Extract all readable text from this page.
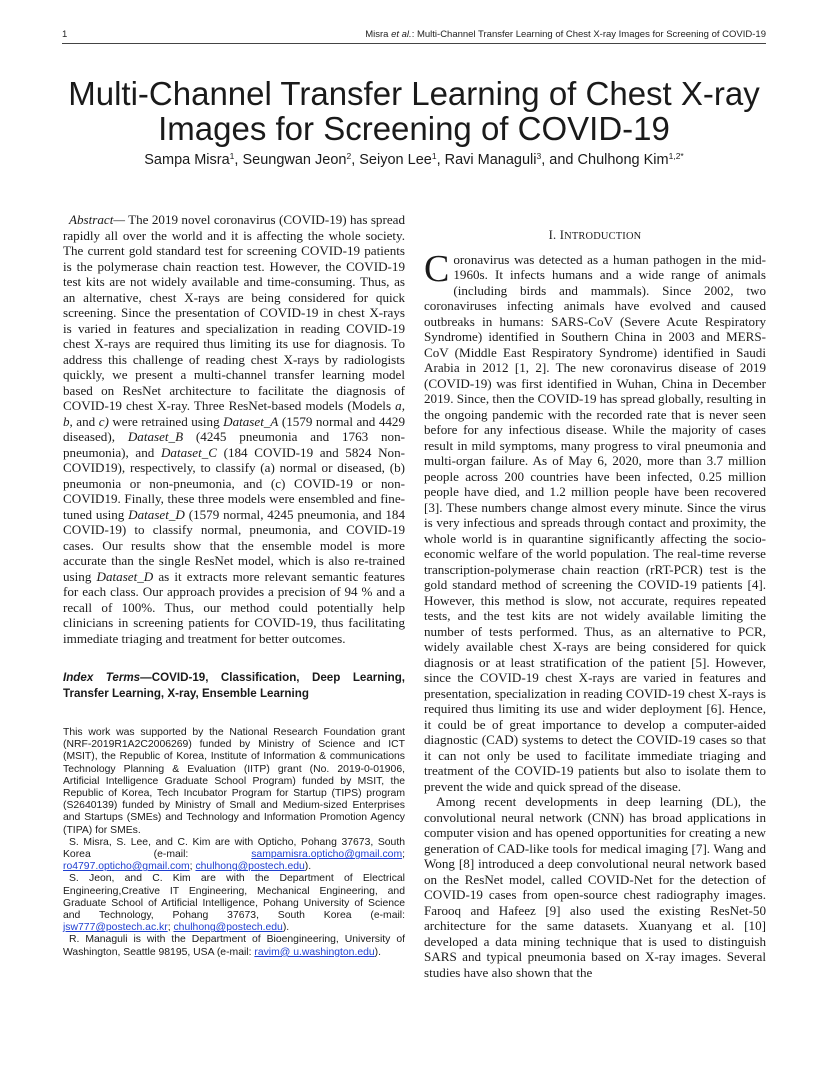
1	Misra et al.: Multi-Channel Transfer Learning of Chest X-ray Images for Screening of COVID-19
Multi-Channel Transfer Learning of Chest X-ray
Images for Screening of COVID-19
Sampa Misra$^1$, Seungwan Jeon$^2$, Seiyon Lee$^1$, Ravi Managuli$^3$, and Chulhong Kim$^{1,2*}$

Abstract— The 2019 novel coronavirus (COVID-19) has spread rapidly all over the world and it is affecting the whole society. The current gold standard test for screening COVID-19 patients is the polymerase chain reaction test. However, the COVID-19 test kits are not widely available and time-consuming. Thus, as an alternative, chest X-rays are being considered for quick screening. Since the presentation of COVID-19 in chest X-rays is varied in features and specialization in reading COVID-19 chest X-rays are required thus limiting its use for diagnosis. To address this challenge of reading chest X-rays by radiologists quickly, we present a multi-channel transfer learning model based on ResNet architecture to facilitate the diagnosis of COVID-19 chest X-ray. Three ResNet-based models (Models a, b, and c) were retrained using Dataset_A (1579 normal and 4429 diseased), Dataset_B (4245 pneumonia and 1763 non-pneumonia), and Dataset_C (184 COVID-19 and 5824 Non-COVID19), respectively, to classify (a) normal or diseased, (b) pneumonia or non-pneumonia, and (c) COVID-19 or non-COVID19. Finally, these three models were ensembled and fine-tuned using Dataset_D (1579 normal, 4245 pneumonia, and 184 COVID-19) to classify normal, pneumonia, and COVID-19 cases. Our results show that the ensemble model is more accurate than the single ResNet model, which is also re-trained using Dataset_D as it extracts more relevant semantic features for each class. Our approach provides a precision of 94 % and a recall of 100%. Thus, our method could potentially help clinicians in screening patients for COVID-19, thus facilitating immediate triaging and treatment for better outcomes.

Index Terms—COVID-19, Classification, Deep Learning, Transfer Learning, X-ray, Ensemble Learning

This work was supported by the National Research Foundation grant (NRF-2019R1A2C2006269) funded by Ministry of Science and ICT (MSIT), the Republic of Korea, Institute of Information & communications Technology Planning & Evaluation (IITP) grant (No. 2019-0-01906, Artificial Intelligence Graduate School Program) funded by MSIT, the Republic of Korea, Tech Incubator Program for Startup (TIPS) program (S2640139) funded by Ministry of Small and Medium-sized Enterprises and Startups (SMEs) and Technology and Information Promotion Agency (TIPA) for SMEs.

S. Misra, S. Lee, and C. Kim are with Opticho, Pohang 37673, South Korea (e-mail: sampamisra.opticho@gmail.com; ro4797.opticho@gmail.com; chulhong@postech.edu).

S. Jeon, and C. Kim are with the Department of Electrical Engineering,Creative IT Engineering, Mechanical Engineering, and Graduate School of Artificial Intelligence, Pohang University of Science and Technology, Pohang 37673, South Korea (e-mail: jsw777@postech.ac.kr; chulhong@postech.edu).

R. Managuli is with the Department of Bioengineering, University of Washington, Seattle 98195, USA (e-mail: ravim@ u.washington.edu).

I. INTRODUCTION

Coronavirus was detected as a human pathogen in the mid-1960s. It infects humans and a wide range of animals (including birds and mammals). Since 2002, two coronaviruses infecting animals have evolved and caused outbreaks in humans: SARS-CoV (Severe Acute Respiratory Syndrome) identified in Southern China in 2003 and MERS-CoV (Middle East Respiratory Syndrome) identified in Saudi Arabia in 2012 [1, 2]. The new coronavirus disease of 2019 (COVID-19) was first identified in Wuhan, China in December 2019. Since, then the COVID-19 has spread globally, resulting in the ongoing pandemic with the recorded rate that is never seen before for any infectious disease. While the majority of cases result in mild symptoms, many progress to viral pneumonia and multi-organ failure. As of May 6, 2020, more than 3.7 million people across 200 countries have been infected, 0.25 million people have died, and 1.2 million people have been recovered [3]. These numbers change almost every minute. Since the virus is very infectious and spreads through contact and proximity, the whole world is in quarantine significantly affecting the socio-economic welfare of the world population. The real-time reverse transcription-polymerase chain reaction (rRT-PCR) test is the gold standard method of screening the COVID-19 patients [4]. However, this method is slow, not accurate, requires repeated tests, and the test kits are not widely available limiting the number of tests performed. Thus, as an alternative to PCR, widely available chest X-rays are being considered for quick diagnosis or at least stratification of the patient [5]. However, since the COVID-19 chest X-rays are varied in features and presentation, specialization in reading COVID-19 chest X-rays is required thus limiting its use and wider deployment [6]. Hence, it could be of great importance to develop a computer-aided diagnostic (CAD) systems to detect the COVID-19 cases so that it can not only be used to facilitate immediate triaging and treatment of the COVID-19 patients but also to isolate them to prevent the wide and quick spread of the disease.

Among recent developments in deep learning (DL), the convolutional neural network (CNN) has broad applications in computer vision and has opened opportunities for creating a new generation of CAD-like tools for medical imaging [7]. Wang and Wong [8] introduced a deep convolutional neural network based on the ResNet model, called COVID-Net for the detection of COVID-19 cases from open-source chest radiography images. Farooq and Hafeez [9] also used the existing ResNet-50 architecture for the same datasets. Xuanyang et al. [10] developed a data mining technique that is used to distinguish SARS and typical pneumonia based on X-ray images. Several studies have also shown that the
